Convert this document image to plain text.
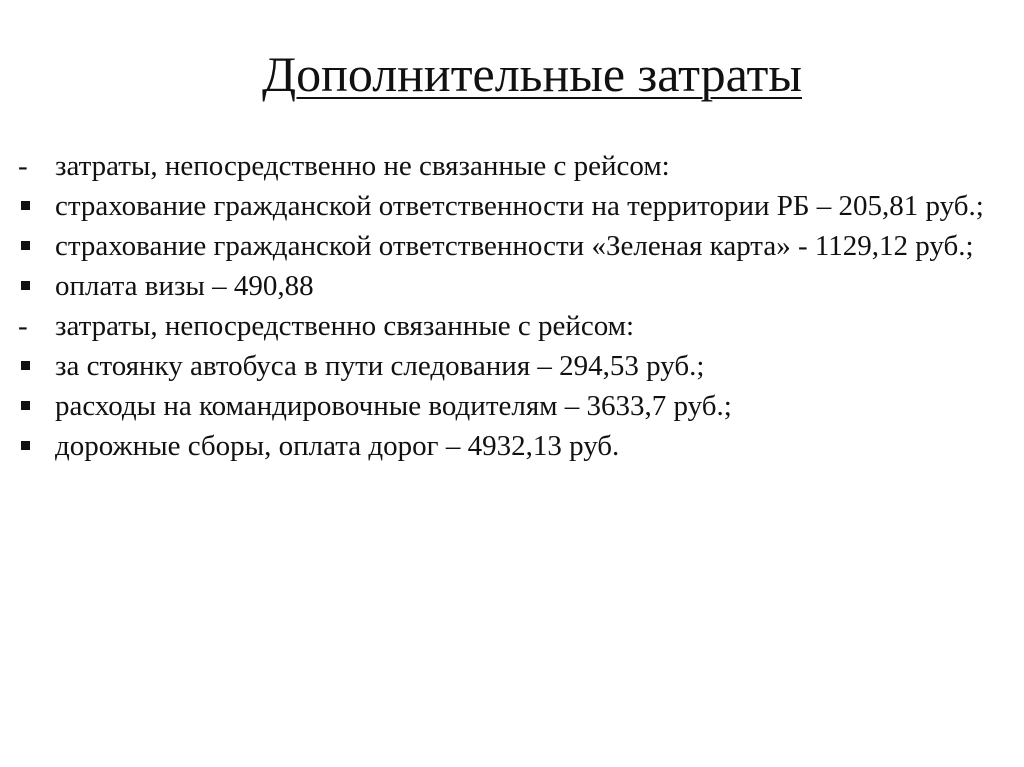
Дополнительные затраты
- затраты, непосредственно не связанные с рейсом:
страхование гражданской ответственности на территории РБ – 205,81 руб.;
страхование гражданской ответственности «Зеленая карта» - 1129,12 руб.;
оплата визы – 490,88
- затраты, непосредственно связанные с рейсом:
за стоянку автобуса в пути следования – 294,53 руб.;
расходы на командировочные водителям – 3633,7 руб.;
дорожные сборы, оплата дорог – 4932,13 руб.
